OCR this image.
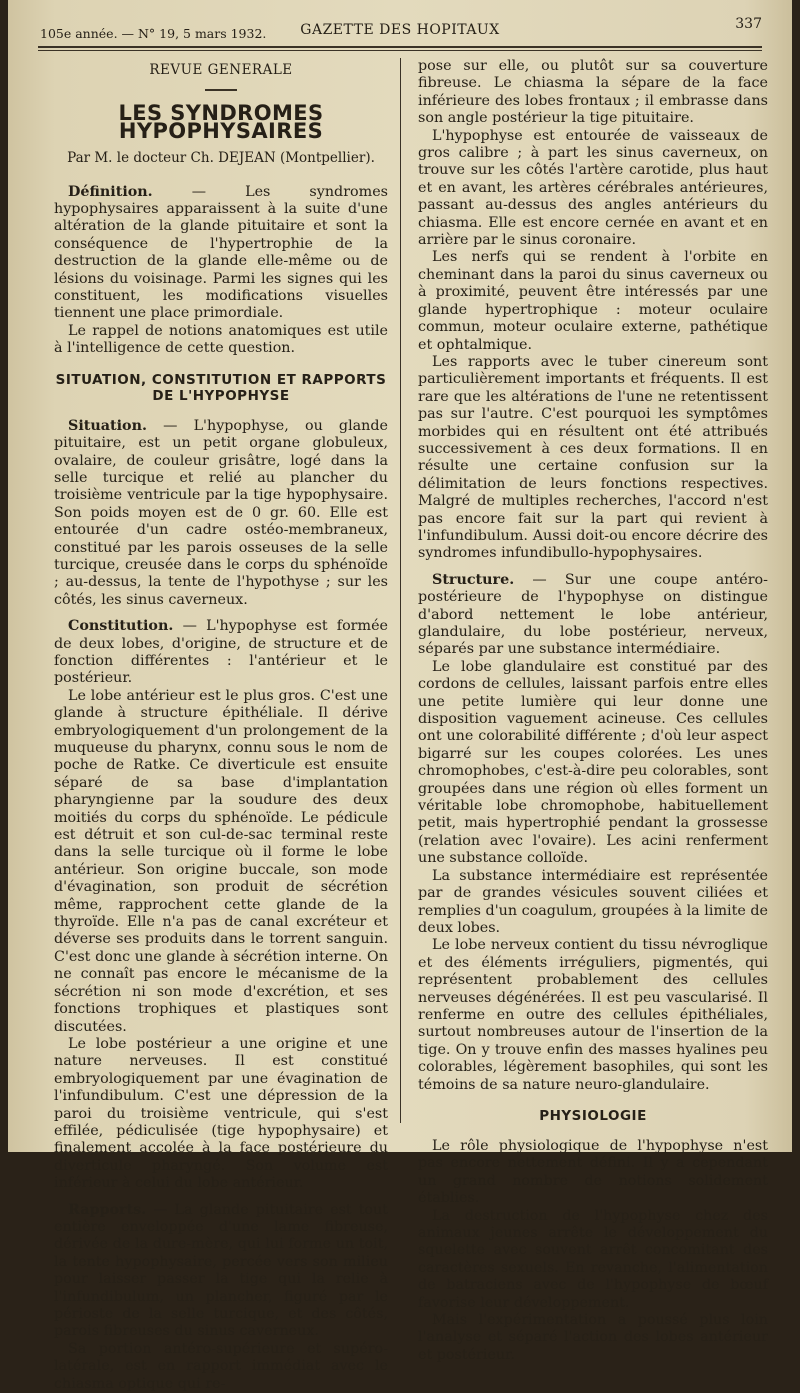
105e année. — N° 19, 5 mars 1932.	GAZETTE DES HOPITAUX	337
REVUE GENERALE
LES SYNDROMES HYPOPHYSAIRES
Par M. le docteur Ch. DEJEAN (Montpellier).

Définition. — Les syndromes hypophysaires apparaissent à la suite d'une altération de la glande pituitaire et sont la conséquence de l'hypertrophie de la destruction de la glande elle-même ou de lésions du voisinage. Parmi les signes qui les constituent, les modifications visuelles tiennent une place primordiale.

Le rappel de notions anatomiques est utile à l'intelligence de cette question.

SITUATION, CONSTITUTION ET RAPPORTS DE L'HYPOPHYSE

Situation. — L'hypophyse, ou glande pituitaire, est un petit organe globuleux, ovalaire, de couleur grisâtre, logé dans la selle turcique et relié au plancher du troisième ventricule par la tige hypophysaire. Son poids moyen est de 0 gr. 60. Elle est entourée d'un cadre ostéo-membraneux, constitué par les parois osseuses de la selle turcique, creusée dans le corps du sphénoïde ; au-dessus, la tente de l'hypothyse ; sur les côtés, les sinus caverneux.

Constitution. — L'hypophyse est formée de deux lobes, d'origine, de structure et de fonction différentes : l'antérieur et le postérieur.

Le lobe antérieur est le plus gros. C'est une glande à structure épithéliale. Il dérive embryologiquement d'un prolongement de la muqueuse du pharynx, connu sous le nom de poche de Ratke. Ce diverticule est ensuite séparé de sa base d'implantation pharyngienne par la soudure des deux moitiés du corps du sphénoïde. Le pédicule est détruit et son cul-de-sac terminal reste dans la selle turcique où il forme le lobe antérieur. Son origine buccale, son mode d'évagination, son produit de sécrétion même, rapprochent cette glande de la thyroïde. Elle n'a pas de canal excréteur et déverse ses produits dans le torrent sanguin. C'est donc une glande à sécrétion interne. On ne connaît pas encore le mécanisme de la sécrétion ni son mode d'excrétion, et ses fonctions trophiques et plastiques sont discutées.

Le lobe postérieur a une origine et une nature nerveuses. Il est constitué embryologiquement par une évagination de l'infundibulum. C'est une dépression de la paroi du troisième ventricule, qui s'est effilée, pédiculisée (tige hypophysaire) et finalement accolée à la face postérieure du diverticule pharyngé. Son volume est inférieur à celui du lobe antérieur.

Rapports. — La glande pituitaire est tout entière enveloppée d'une lame fibreuse, dérivée de la dure-mère, qui lui forme un toit, la tente hypophysaire, percée vers son milieu pour laisser passer la tige qui la relie à l'infundibulum, un plancher, figuré par le périoste de la selle turcique, et des côtés, parois fibreuses du sinus caverneux.

Sa portion antéro-supérieure et supéro-latérale, est en rapport immédiat avec le chiasma optique qui re-

pose sur elle, ou plutôt sur sa couverture fibreuse. Le chiasma la sépare de la face inférieure des lobes frontaux ; il embrasse dans son angle postérieur la tige pituitaire.

L'hypophyse est entourée de vaisseaux de gros calibre ; à part les sinus caverneux, on trouve sur les côtés l'artère carotide, plus haut et en avant, les artères cérébrales antérieures, passant au-dessus des angles antérieurs du chiasma. Elle est encore cernée en avant et en arrière par le sinus coronaire.

Les nerfs qui se rendent à l'orbite en cheminant dans la paroi du sinus caverneux ou à proximité, peuvent être intéressés par une glande hypertrophique : moteur oculaire commun, moteur oculaire externe, pathétique et ophtalmique.

Les rapports avec le tuber cinereum sont particulièrement importants et fréquents. Il est rare que les altérations de l'une ne retentissent pas sur l'autre. C'est pourquoi les symptômes morbides qui en résultent ont été attribués successivement à ces deux formations. Il en résulte une certaine confusion sur la délimitation de leurs fonctions respectives. Malgré de multiples recherches, l'accord n'est pas encore fait sur la part qui revient à l'infundibulum. Aussi doit-ou encore décrire des syndromes infundibullo-hypophysaires.

Structure. — Sur une coupe antéro-postérieure de l'hypophyse on distingue d'abord nettement le lobe antérieur, glandulaire, du lobe postérieur, nerveux, séparés par une substance intermédiaire.

Le lobe glandulaire est constitué par des cordons de cellules, laissant parfois entre elles une petite lumière qui leur donne une disposition vaguement acineuse. Ces cellules ont une colorabilité différente ; d'où leur aspect bigarré sur les coupes colorées. Les unes chromophobes, c'est-à-dire peu colorables, sont groupées dans une région où elles forment un véritable lobe chromophobe, habituellement petit, mais hypertrophié pendant la grossesse (relation avec l'ovaire). Les acini renferment une substance colloïde.

La substance intermédiaire est représentée par de grandes vésicules souvent ciliées et remplies d'un coagulum, groupées à la limite de deux lobes.

Le lobe nerveux contient du tissu névroglique et des éléments irréguliers, pigmentés, qui représentent probablement des cellules nerveuses dégénérées. Il est peu vascularisé. Il renferme en outre des cellules épithéliales, surtout nombreuses autour de l'insertion de la tige. On y trouve enfin des masses hyalines peu colorables, légèrement basophiles, qui sont les témoins de sa nature neuro-glandulaire.

PHYSIOLOGIE

Le rôle physiologique de l'hypophyse n'est pas encore nettement défini. Il y a cependant un grand nombre de notions solidement établies.

La destruction de l'hypophyse chez des animaux jeunes arrête le développement du squelette avec souvent arrêt concomitant des caractères sexuels. En revanche, l'alimentation de batraciens avec de l'hypophyse de bœuf favorise leur développement.

Mais l'expérimentation a poussé plus loin l'analyse et séparé l'action des lobes antérieur et postérieur.
